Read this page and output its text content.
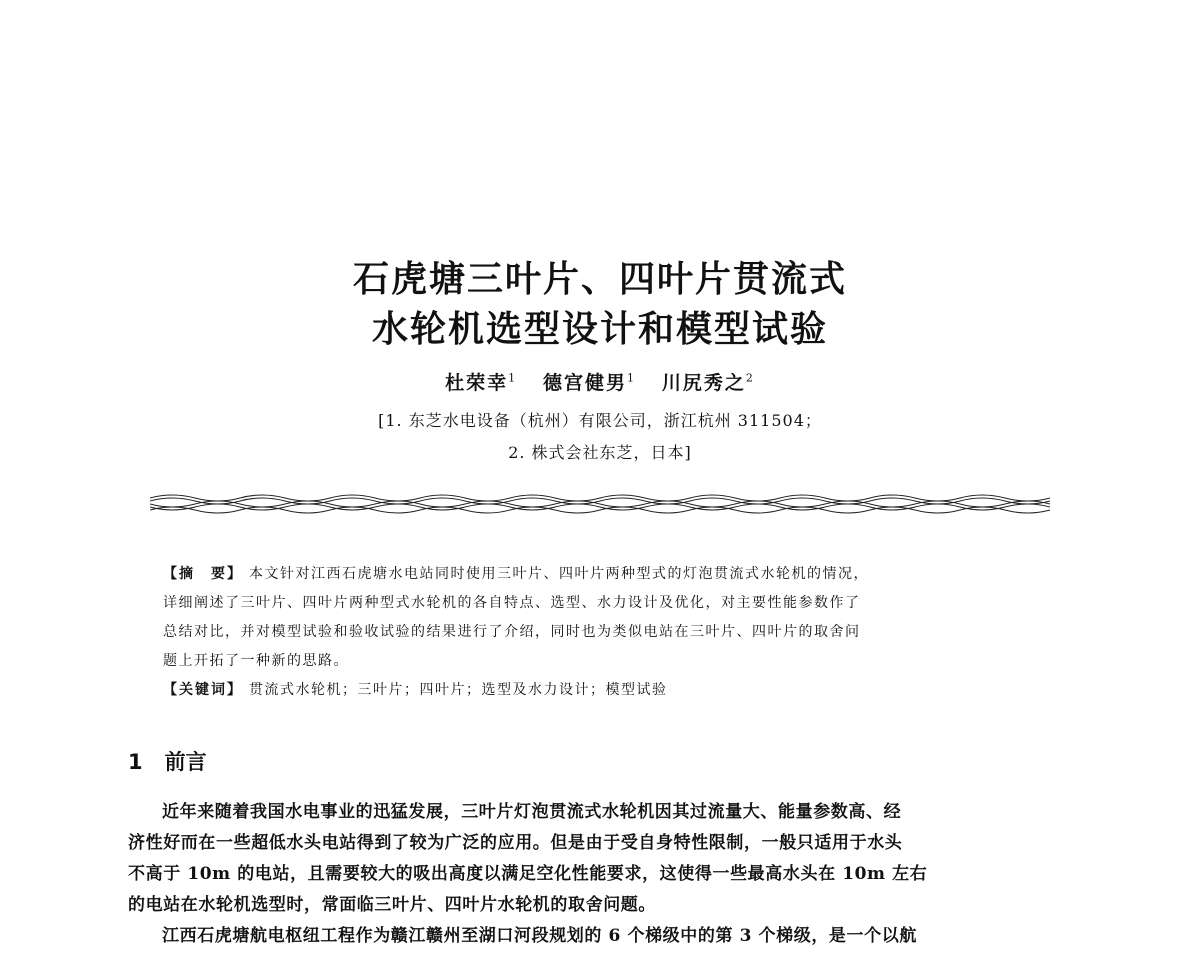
石虎塘三叶片、四叶片贯流式
水轮机选型设计和模型试验
杜荣幸$^1$ 德宫健男$^1$ 川尻秀之$^2$
[1. 东芝水电设备（杭州）有限公司，浙江杭州 311504；
2. 株式会社东芝，日本]
【摘　要】 本文针对江西石虎塘水电站同时使用三叶片、四叶片两种型式的灯泡贯流式水轮机的情况，
详细阐述了三叶片、四叶片两种型式水轮机的各自特点、选型、水力设计及优化，对主要性能参数作了
总结对比，并对模型试验和验收试验的结果进行了介绍，同时也为类似电站在三叶片、四叶片的取舍问
题上开拓了一种新的思路。
【关键词】 贯流式水轮机；三叶片；四叶片；选型及水力设计；模型试验
1 前言
近年来随着我国水电事业的迅猛发展，三叶片灯泡贯流式水轮机因其过流量大、能量参数高、经
济性好而在一些超低水头电站得到了较为广泛的应用。但是由于受自身特性限制，一般只适用于水头
不高于 10m 的电站，且需要较大的吸出高度以满足空化性能要求，这使得一些最高水头在 10m 左右
的电站在水轮机选型时，常面临三叶片、四叶片水轮机的取舍问题。
江西石虎塘航电枢纽工程作为赣江赣州至湖口河段规划的 6 个梯级中的第 3 个梯级，是一个以航
